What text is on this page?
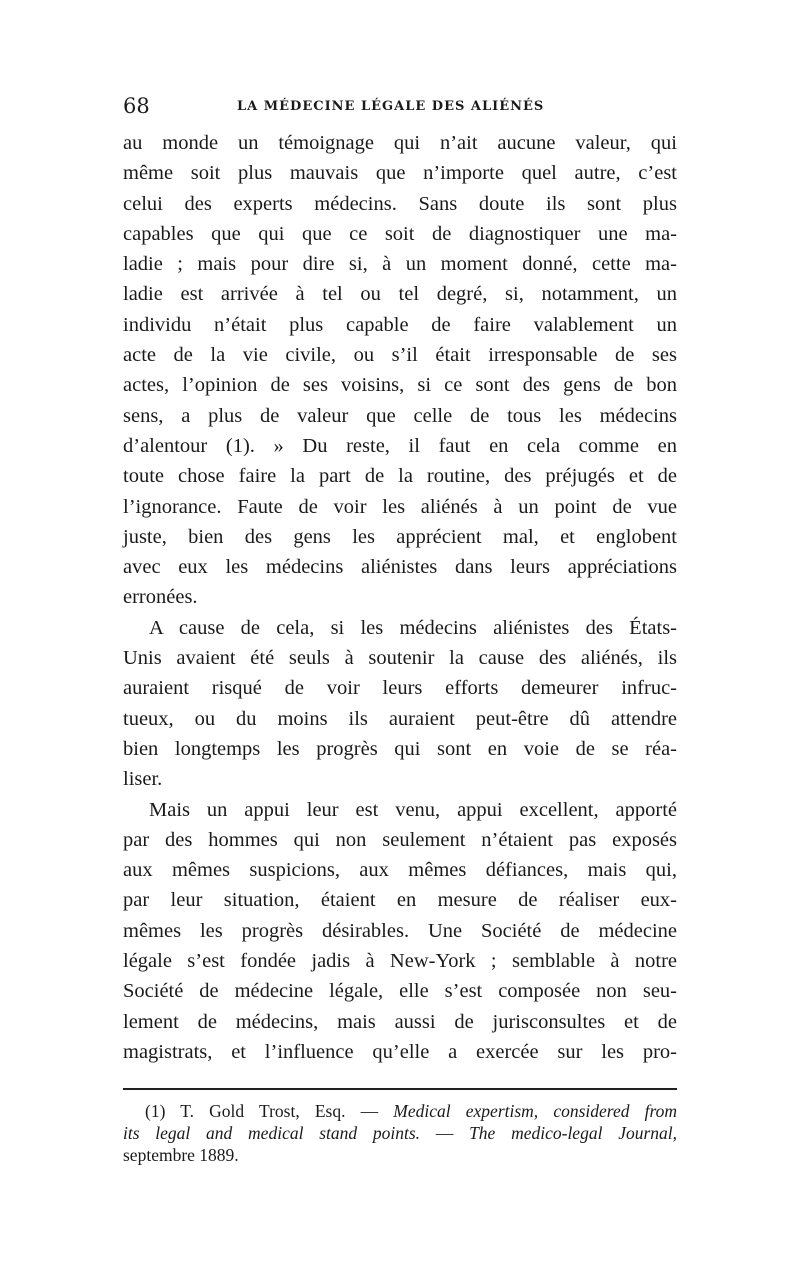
68	LA MÉDECINE LÉGALE DES ALIÉNÉS
au monde un témoignage qui n’ait aucune valeur, qui
même soit plus mauvais que n’importe quel autre, c’est
celui des experts médecins. Sans doute ils sont plus
capables que qui que ce soit de diagnostiquer une ma-
ladie ; mais pour dire si, à un moment donné, cette ma-
ladie est arrivée à tel ou tel degré, si, notamment, un
individu n’était plus capable de faire valablement un
acte de la vie civile, ou s’il était irresponsable de ses
actes, l’opinion de ses voisins, si ce sont des gens de bon
sens, a plus de valeur que celle de tous les médecins
d’alentour (1). » Du reste, il faut en cela comme en
toute chose faire la part de la routine, des préjugés et de
l’ignorance. Faute de voir les aliénés à un point de vue
juste, bien des gens les apprécient mal, et englobent
avec eux les médecins aliénistes dans leurs appréciations
erronées.
A cause de cela, si les médecins aliénistes des États-
Unis avaient été seuls à soutenir la cause des aliénés, ils
auraient risqué de voir leurs efforts demeurer infruc-
tueux, ou du moins ils auraient peut-être dû attendre
bien longtemps les progrès qui sont en voie de se réa-
liser.
Mais un appui leur est venu, appui excellent, apporté
par des hommes qui non seulement n’étaient pas exposés
aux mêmes suspicions, aux mêmes défiances, mais qui,
par leur situation, étaient en mesure de réaliser eux-
mêmes les progrès désirables. Une Société de médecine
légale s’est fondée jadis à New-York ; semblable à notre
Société de médecine légale, elle s’est composée non seu-
lement de médecins, mais aussi de jurisconsultes et de
magistrats, et l’influence qu’elle a exercée sur les pro-
(1) T. Gold Trost, Esq. — Medical expertism, considered from
its legal and medical stand points. — The medico-legal Journal,
septembre 1889.
